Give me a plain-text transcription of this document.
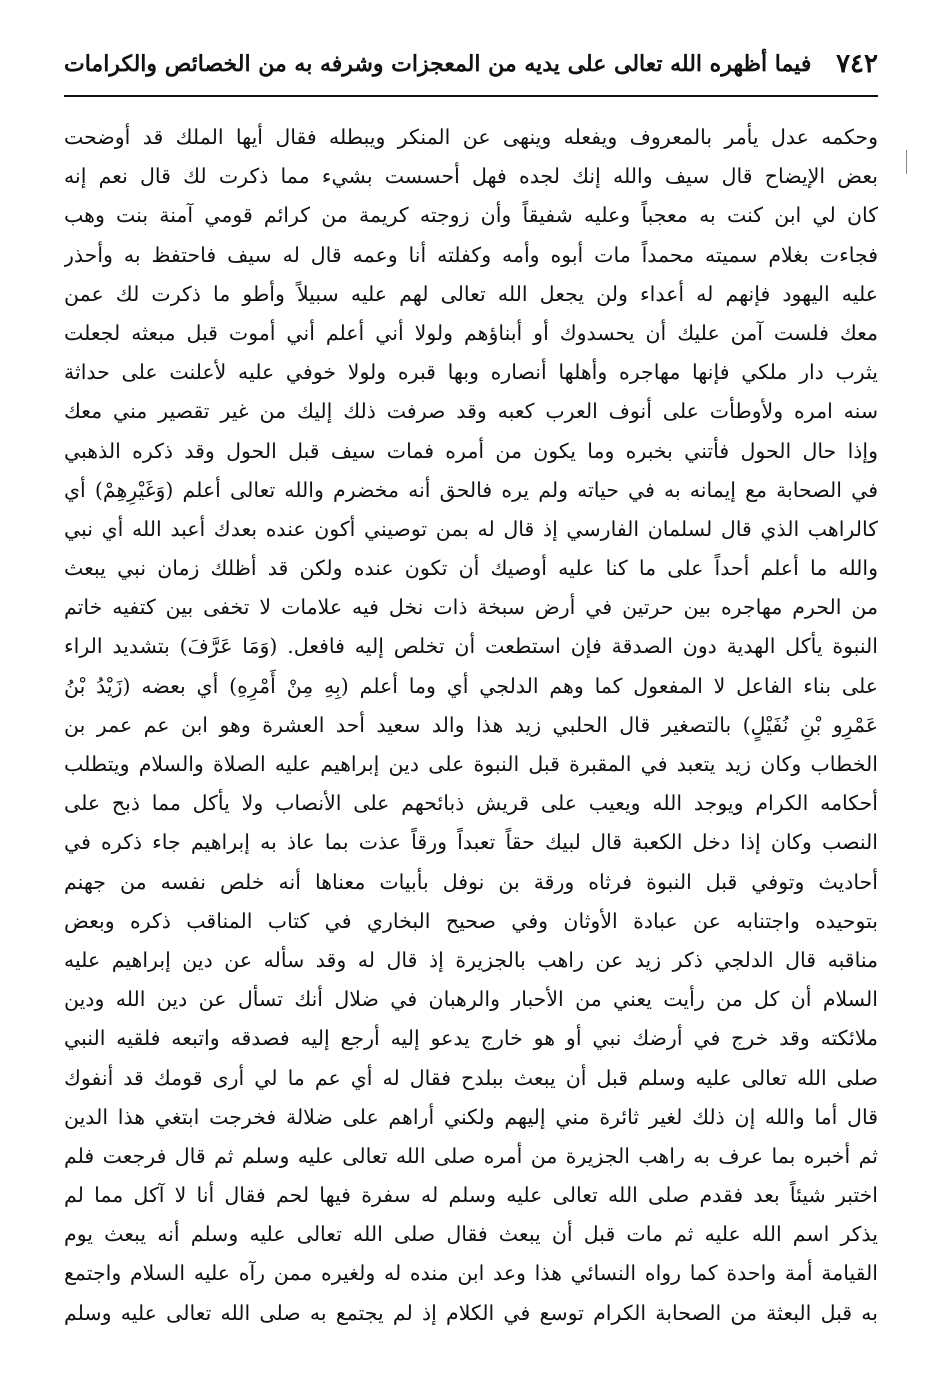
٧٤٢
فيما أظهره الله تعالى على يديه من المعجزات وشرفه به من الخصائص والكرامات
وحكمه عدل يأمر بالمعروف ويفعله وينهى عن المنكر ويبطله فقال أيها الملك قد أوضحت
بعض الإيضاح قال سيف والله إنك لجده فهل أحسست بشيء مما ذكرت لك قال نعم إنه
كان لي ابن كنت به معجباً وعليه شفيقاً وأن زوجته كريمة من كرائم قومي آمنة بنت وهب
فجاءت بغلام سميته محمداً مات أبوه وأمه وكفلته أنا وعمه قال له سيف فاحتفظ به وأحذر
عليه اليهود فإنهم له أعداء ولن يجعل الله تعالى لهم عليه سبيلاً وأطو ما ذكرت لك عمن
معك فلست آمن عليك أن يحسدوك أو أبناؤهم ولولا أني أعلم أني أموت قبل مبعثه لجعلت
يثرب دار ملكي فإنها مهاجره وأهلها أنصاره وبها قبره ولولا خوفي عليه لأعلنت على حداثة
سنه امره ولأوطأت على أنوف العرب كعبه وقد صرفت ذلك إليك من غير تقصير مني معك
وإذا حال الحول فأتني بخبره وما يكون من أمره فمات سيف قبل الحول وقد ذكره الذهبي
في الصحابة مع إيمانه به في حياته ولم يره فالحق أنه مخضرم والله تعالى أعلم (وَغَيْرِهِمْ) أي
كالراهب الذي قال لسلمان الفارسي إذ قال له بمن توصيني أكون عنده بعدك أعبد الله أي نبي
والله ما أعلم أحداً على ما كنا عليه أوصيك أن تكون عنده ولكن قد أظلك زمان نبي يبعث
من الحرم مهاجره بين حرتين في أرض سبخة ذات نخل فيه علامات لا تخفى بين كتفيه خاتم
النبوة يأكل الهدية دون الصدقة فإن استطعت أن تخلص إليه فافعل. (وَمَا عَرَّفَ) بتشديد الراء
على بناء الفاعل لا المفعول كما وهم الدلجي أي وما أعلم (بِهِ مِنْ أَمْرِهِ) أي بعضه (زَيْدُ بْنُ
عَمْرِو بْنِ نُفَيْلٍ) بالتصغير قال الحلبي زيد هذا والد سعيد أحد العشرة وهو ابن عم عمر بن
الخطاب وكان زيد يتعبد في المقبرة قبل النبوة على دين إبراهيم عليه الصلاة والسلام ويتطلب
أحكامه الكرام ويوجد الله ويعيب على قريش ذبائحهم على الأنصاب ولا يأكل مما ذبح على
النصب وكان إذا دخل الكعبة قال لبيك حقاً تعبداً ورقاً عذت بما عاذ به إبراهيم جاء ذكره في
أحاديث وتوفي قبل النبوة فرثاه ورقة بن نوفل بأبيات معناها أنه خلص نفسه من جهنم
بتوحيده واجتنابه عن عبادة الأوثان وفي صحيح البخاري في كتاب المناقب ذكره وبعض
مناقبه قال الدلجي ذكر زيد عن راهب بالجزيرة إذ قال له وقد سأله عن دين إبراهيم عليه
السلام أن كل من رأيت يعني من الأحبار والرهبان في ضلال أنك تسأل عن دين الله ودين
ملائكته وقد خرج في أرضك نبي أو هو خارج يدعو إليه أرجع إليه فصدقه واتبعه فلقيه النبي
صلى الله تعالى عليه وسلم قبل أن يبعث ببلدح فقال له أي عم ما لي أرى قومك قد أنفوك
قال أما والله إن ذلك لغير ثائرة مني إليهم ولكني أراهم على ضلالة فخرجت ابتغي هذا الدين
ثم أخبره بما عرف به راهب الجزيرة من أمره صلى الله تعالى عليه وسلم ثم قال فرجعت فلم
اختبر شيئاً بعد فقدم صلى الله تعالى عليه وسلم له سفرة فيها لحم فقال أنا لا آكل مما لم
يذكر اسم الله عليه ثم مات قبل أن يبعث فقال صلى الله تعالى عليه وسلم أنه يبعث يوم
القيامة أمة واحدة كما رواه النسائي هذا وعد ابن منده له ولغيره ممن رآه عليه السلام واجتمع
به قبل البعثة من الصحابة الكرام توسع في الكلام إذ لم يجتمع به صلى الله تعالى عليه وسلم
